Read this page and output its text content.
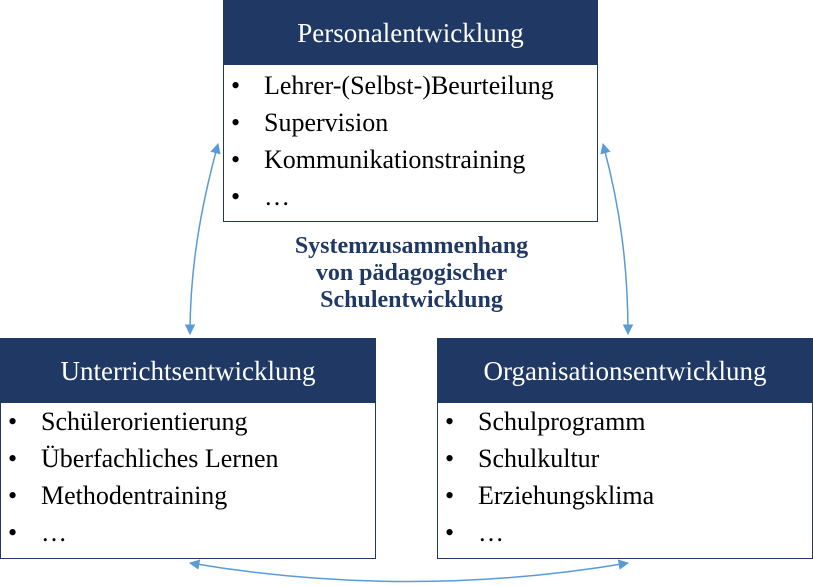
Personalentwicklung
• Lehrer-(Selbst-)Beurteilung
• Supervision
• Kommunikationstraining
• …
Systemzusammenhang
von pädagogischer
Schulentwicklung
Unterrichtsentwicklung
• Schülerorientierung
• Überfachliches Lernen
• Methodentraining
• …
Organisationsentwicklung
• Schulprogramm
• Schulkultur
• Erziehungsklima
• …
